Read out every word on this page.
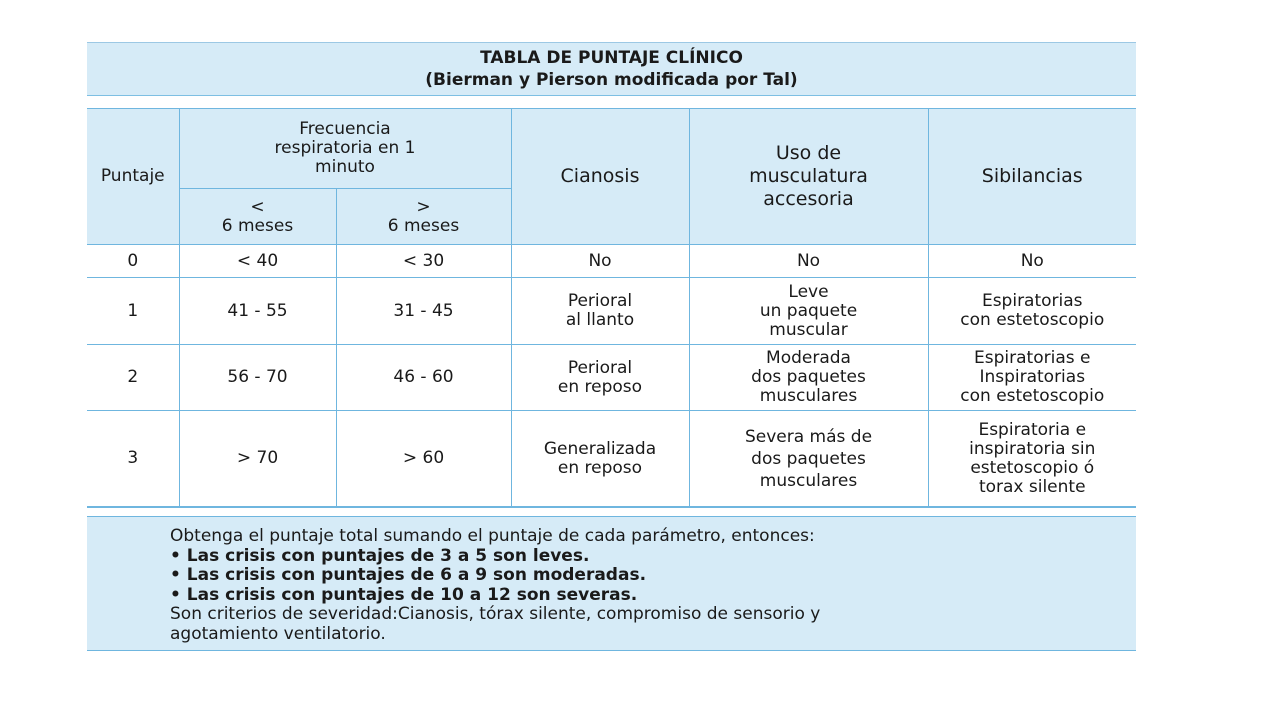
TABLA DE PUNTAJE CLÍNICO
(Bierman y Pierson modificada por Tal)
Puntaje	Frecuencia
respiratoria en 1
minuto		Cianosis	Uso de
musculatura
accesoria	Sibilancias
	<
6 meses	>
6 meses			
0	< 40	< 30	No	No	No
1	41 - 55	31 - 45	Perioral
al llanto	Leve
un paquete
muscular	Espiratorias
con estetoscopio
2	56 - 70	46 - 60	Perioral
en reposo	Moderada
dos paquetes
musculares	Espiratorias e
Inspiratorias
con estetoscopio
3	> 70	> 60	Generalizada
en reposo	Severa más de
dos paquetes
musculares	Espiratoria e
inspiratoria sin
estetoscopio ó
torax silente
Obtenga el puntaje total sumando el puntaje de cada parámetro, entonces:
• Las crisis con puntajes de 3 a 5 son leves.
• Las crisis con puntajes de 6 a 9 son moderadas.
• Las crisis con puntajes de 10 a 12 son severas.
Son criterios de severidad:Cianosis, tórax silente, compromiso de sensorio y
agotamiento ventilatorio.
